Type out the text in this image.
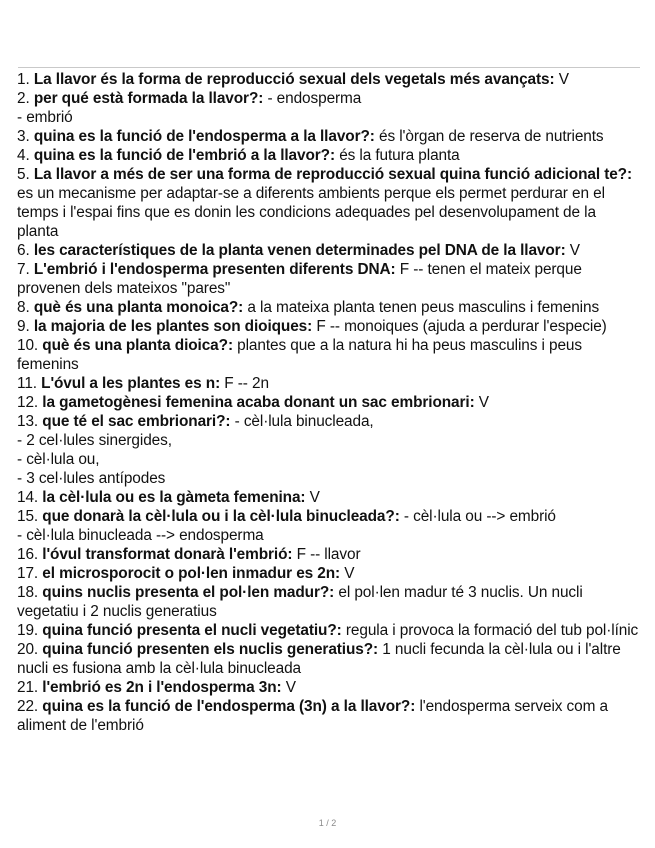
1. La llavor és la forma de reproducció sexual dels vegetals més avançats: V

2. per qué està formada la llavor?: - endosperma
- embrió

3. quina es la funció de l'endosperma a la llavor?: és l'òrgan de reserva de nutrients

4. quina es la funció de l'embrió a la llavor?: és la futura planta

5. La llavor a més de ser una forma de reproducció sexual quina funció adicional te?: es un mecanisme per adaptar-se a diferents ambients perque els permet perdurar en el temps i l'espai fins que es donin les condicions adequades pel desenvolupament de la planta

6. les característiques de la planta venen determinades pel DNA de la llavor: V

7. L'embrió i l'endosperma presenten diferents DNA: F -- tenen el mateix perque provenen dels mateixos "pares"

8. què és una planta monoica?: a la mateixa planta tenen peus masculins i femenins

9. la majoria de les plantes son dioiques: F -- monoiques (ajuda a perdurar l'especie)

10. què és una planta dioica?: plantes que a la natura hi ha peus masculins i peus femenins

11. L'óvul a les plantes es n: F -- 2n

12. la gametogènesi femenina acaba donant un sac embrionari: V

13. que té el sac embrionari?: - cèl·lula binucleada,
- 2 cel·lules sinergides,
- cèl·lula ou,
- 3 cel·lules antípodes

14. la cèl·lula ou es la gàmeta femenina: V

15. que donarà la cèl·lula ou i la cèl·lula binucleada?: - cèl·lula ou --> embrió
- cèl·lula binucleada --> endosperma

16. l'óvul transformat donarà l'embrió: F -- llavor

17. el microsporocit o pol·len inmadur es 2n: V

18. quins nuclis presenta el pol·len madur?: el pol·len madur té 3 nuclis. Un nucli vegetatiu i 2 nuclis generatius

19. quina funció presenta el nucli vegetatiu?: regula i provoca la formació del tub pol·línic

20. quina funció presenten els nuclis generatius?: 1 nucli fecunda la cèl·lula ou i l'altre nucli es fusiona amb la cèl·lula binucleada

21. l'embrió es 2n i l'endosperma 3n: V

22. quina es la funció de l'endosperma (3n) a la llavor?: l'endosperma serveix com a aliment de l'embrió

1 / 2
